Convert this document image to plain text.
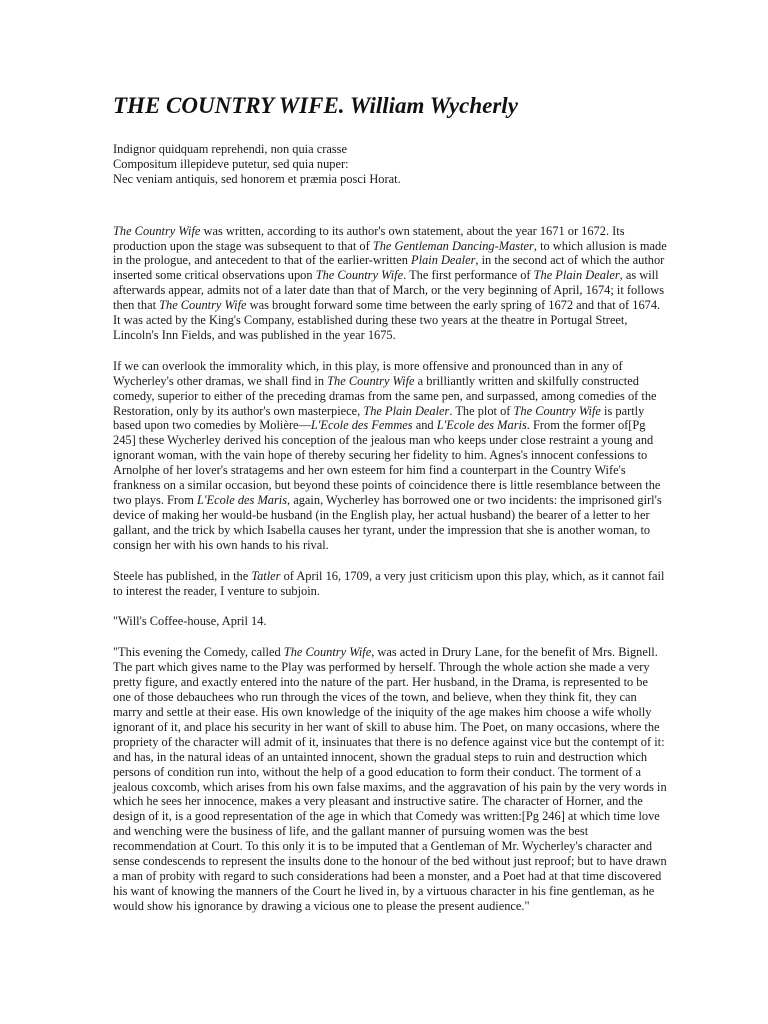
THE COUNTRY WIFE. William Wycherly
Indignor quidquam reprehendi, non quia crasse
Compositum illepideve putetur, sed quia nuper:
Nec veniam antiquis, sed honorem et præmia posci Horat.

The Country Wife was written, according to its author's own statement, about the year 1671 or 1672. Its production upon the stage was subsequent to that of The Gentleman Dancing-Master, to which allusion is made in the prologue, and antecedent to that of the earlier-written Plain Dealer, in the second act of which the author inserted some critical observations upon The Country Wife. The first performance of The Plain Dealer, as will afterwards appear, admits not of a later date than that of March, or the very beginning of April, 1674; it follows then that The Country Wife was brought forward some time between the early spring of 1672 and that of 1674. It was acted by the King's Company, established during these two years at the theatre in Portugal Street, Lincoln's Inn Fields, and was published in the year 1675.

If we can overlook the immorality which, in this play, is more offensive and pronounced than in any of Wycherley's other dramas, we shall find in The Country Wife a brilliantly written and skilfully constructed comedy, superior to either of the preceding dramas from the same pen, and surpassed, among comedies of the Restoration, only by its author's own masterpiece, The Plain Dealer. The plot of The Country Wife is partly based upon two comedies by Molière—L'Ecole des Femmes and L'Ecole des Maris. From the former of[Pg 245] these Wycherley derived his conception of the jealous man who keeps under close restraint a young and ignorant woman, with the vain hope of thereby securing her fidelity to him. Agnes's innocent confessions to Arnolphe of her lover's stratagems and her own esteem for him find a counterpart in the Country Wife's frankness on a similar occasion, but beyond these points of coincidence there is little resemblance between the two plays. From L'Ecole des Maris, again, Wycherley has borrowed one or two incidents: the imprisoned girl's device of making her would-be husband (in the English play, her actual husband) the bearer of a letter to her gallant, and the trick by which Isabella causes her tyrant, under the impression that she is another woman, to consign her with his own hands to his rival.

Steele has published, in the Tatler of April 16, 1709, a very just criticism upon this play, which, as it cannot fail to interest the reader, I venture to subjoin.

"Will's Coffee-house, April 14.

"This evening the Comedy, called The Country Wife, was acted in Drury Lane, for the benefit of Mrs. Bignell. The part which gives name to the Play was performed by herself. Through the whole action she made a very pretty figure, and exactly entered into the nature of the part. Her husband, in the Drama, is represented to be one of those debauchees who run through the vices of the town, and believe, when they think fit, they can marry and settle at their ease. His own knowledge of the iniquity of the age makes him choose a wife wholly ignorant of it, and place his security in her want of skill to abuse him. The Poet, on many occasions, where the propriety of the character will admit of it, insinuates that there is no defence against vice but the contempt of it: and has, in the natural ideas of an untainted innocent, shown the gradual steps to ruin and destruction which persons of condition run into, without the help of a good education to form their conduct. The torment of a jealous coxcomb, which arises from his own false maxims, and the aggravation of his pain by the very words in which he sees her innocence, makes a very pleasant and instructive satire. The character of Horner, and the design of it, is a good representation of the age in which that Comedy was written:[Pg 246] at which time love and wenching were the business of life, and the gallant manner of pursuing women was the best recommendation at Court. To this only it is to be imputed that a Gentleman of Mr. Wycherley's character and sense condescends to represent the insults done to the honour of the bed without just reproof; but to have drawn a man of probity with regard to such considerations had been a monster, and a Poet had at that time discovered his want of knowing the manners of the Court he lived in, by a virtuous character in his fine gentleman, as he would show his ignorance by drawing a vicious one to please the present audience."
